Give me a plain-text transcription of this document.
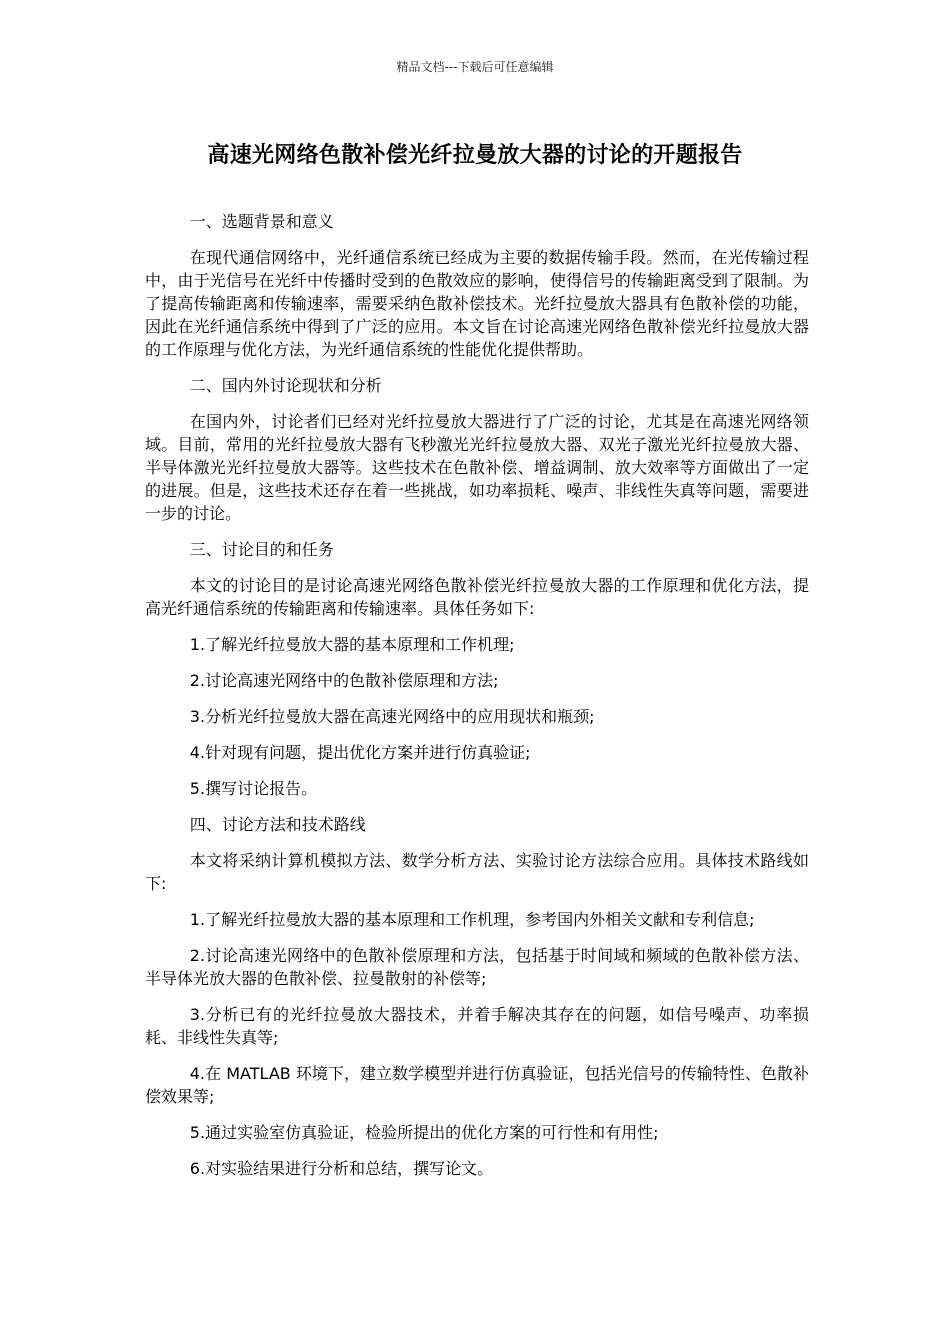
精品文档---下载后可任意编辑
高速光网络色散补偿光纤拉曼放大器的讨论的开题报告

一、选题背景和意义

在现代通信网络中，光纤通信系统已经成为主要的数据传输手段。然而，在光传输过程中，由于光信号在光纤中传播时受到的色散效应的影响，使得信号的传输距离受到了限制。为了提高传输距离和传输速率，需要采纳色散补偿技术。光纤拉曼放大器具有色散补偿的功能，因此在光纤通信系统中得到了广泛的应用。本文旨在讨论高速光网络色散补偿光纤拉曼放大器的工作原理与优化方法，为光纤通信系统的性能优化提供帮助。

二、国内外讨论现状和分析

在国内外，讨论者们已经对光纤拉曼放大器进行了广泛的讨论，尤其是在高速光网络领域。目前，常用的光纤拉曼放大器有飞秒激光光纤拉曼放大器、双光子激光光纤拉曼放大器、半导体激光光纤拉曼放大器等。这些技术在色散补偿、增益调制、放大效率等方面做出了一定的进展。但是，这些技术还存在着一些挑战，如功率损耗、噪声、非线性失真等问题，需要进一步的讨论。

三、讨论目的和任务

本文的讨论目的是讨论高速光网络色散补偿光纤拉曼放大器的工作原理和优化方法，提高光纤通信系统的传输距离和传输速率。具体任务如下:

1.了解光纤拉曼放大器的基本原理和工作机理;

2.讨论高速光网络中的色散补偿原理和方法;

3.分析光纤拉曼放大器在高速光网络中的应用现状和瓶颈;

4.针对现有问题，提出优化方案并进行仿真验证;

5.撰写讨论报告。

四、讨论方法和技术路线

本文将采纳计算机模拟方法、数学分析方法、实验讨论方法综合应用。具体技术路线如下:

1.了解光纤拉曼放大器的基本原理和工作机理，参考国内外相关文献和专利信息;

2.讨论高速光网络中的色散补偿原理和方法，包括基于时间域和频域的色散补偿方法、半导体光放大器的色散补偿、拉曼散射的补偿等;

3.分析已有的光纤拉曼放大器技术，并着手解决其存在的问题，如信号噪声、功率损耗、非线性失真等;

4.在 MATLAB 环境下，建立数学模型并进行仿真验证，包括光信号的传输特性、色散补偿效果等;

5.通过实验室仿真验证，检验所提出的优化方案的可行性和有用性;

6.对实验结果进行分析和总结，撰写论文。
